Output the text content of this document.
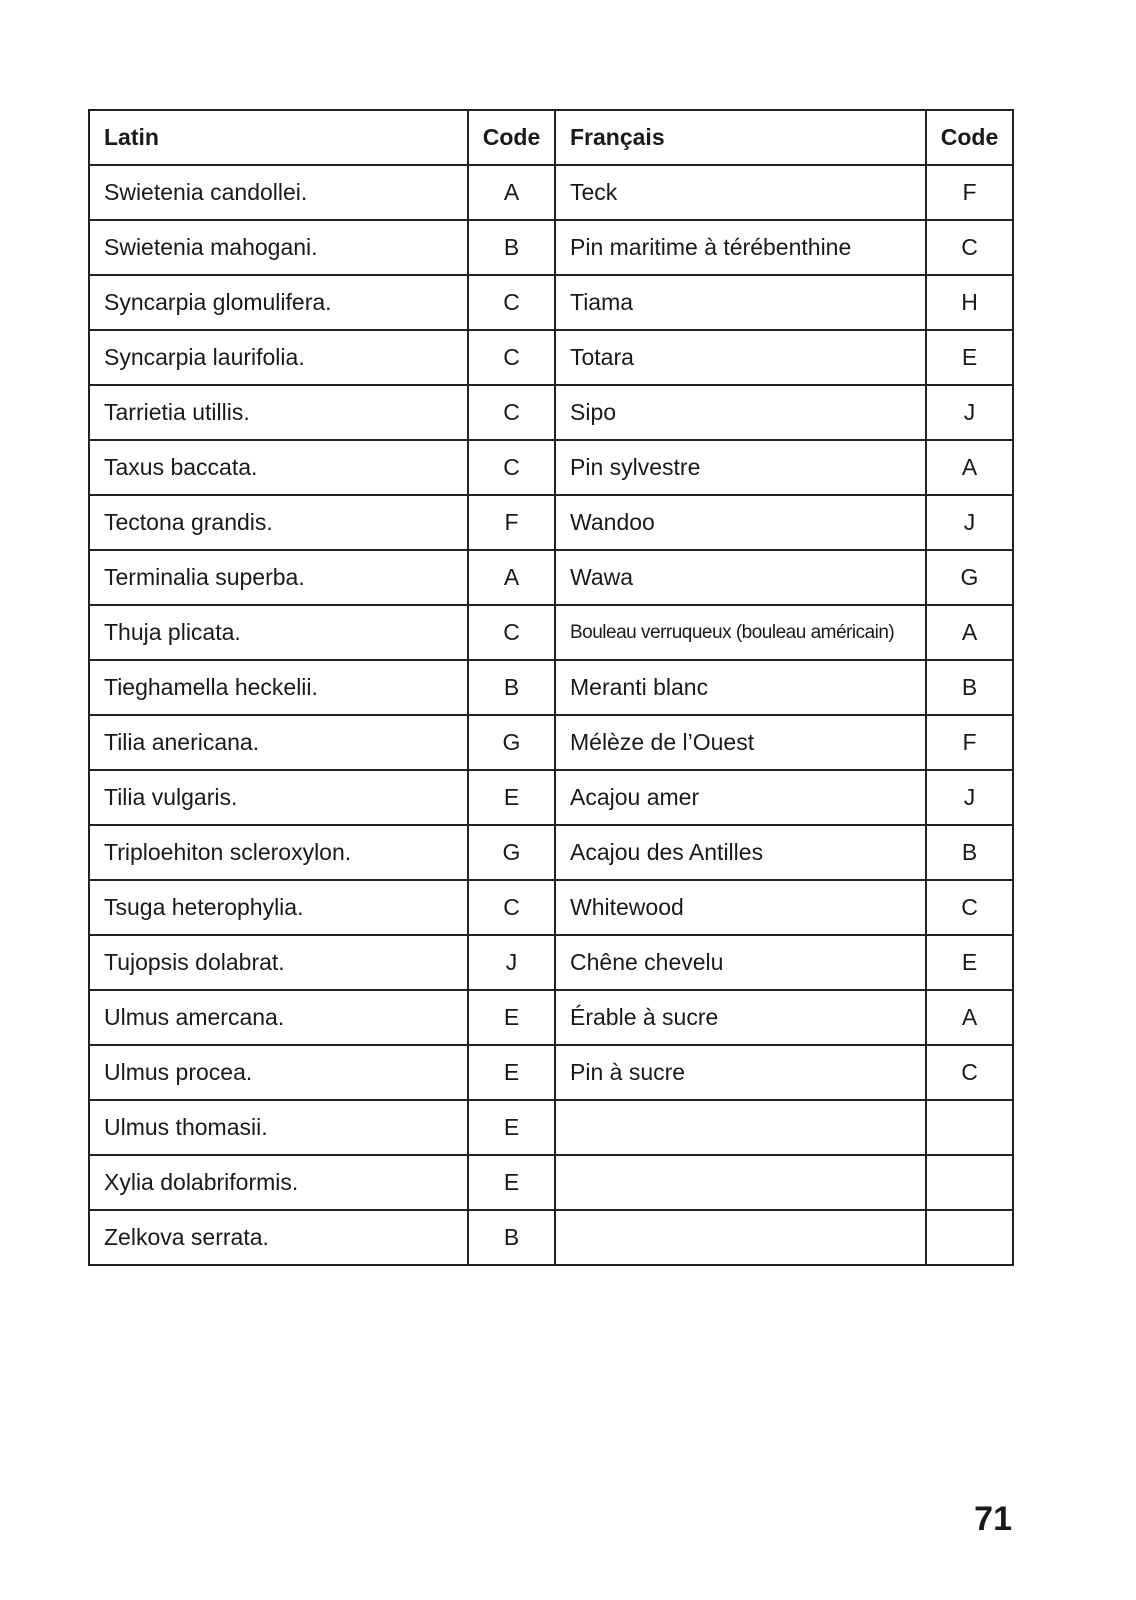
Latin	Code	Français	Code
Swietenia candollei.	A	Teck	F
Swietenia mahogani.	B	Pin maritime à térébenthine	C
Syncarpia glomulifera.	C	Tiama	H
Syncarpia laurifolia.	C	Totara	E
Tarrietia utillis.	C	Sipo	J
Taxus baccata.	C	Pin sylvestre	A
Tectona grandis.	F	Wandoo	J
Terminalia superba.	A	Wawa	G
Thuja plicata.	C	Bouleau verruqueux (bouleau américain)	A
Tieghamella heckelii.	B	Meranti blanc	B
Tilia anericana.	G	Mélèze de l’Ouest	F
Tilia vulgaris.	E	Acajou amer	J
Triploehiton scleroxylon.	G	Acajou des Antilles	B
Tsuga heterophylia.	C	Whitewood	C
Tujopsis dolabrat.	J	Chêne chevelu	E
Ulmus amercana.	E	Érable à sucre	A
Ulmus procea.	E	Pin à sucre	C
Ulmus thomasii.	E		
Xylia dolabriformis.	E		
Zelkova serrata.	B		
71
